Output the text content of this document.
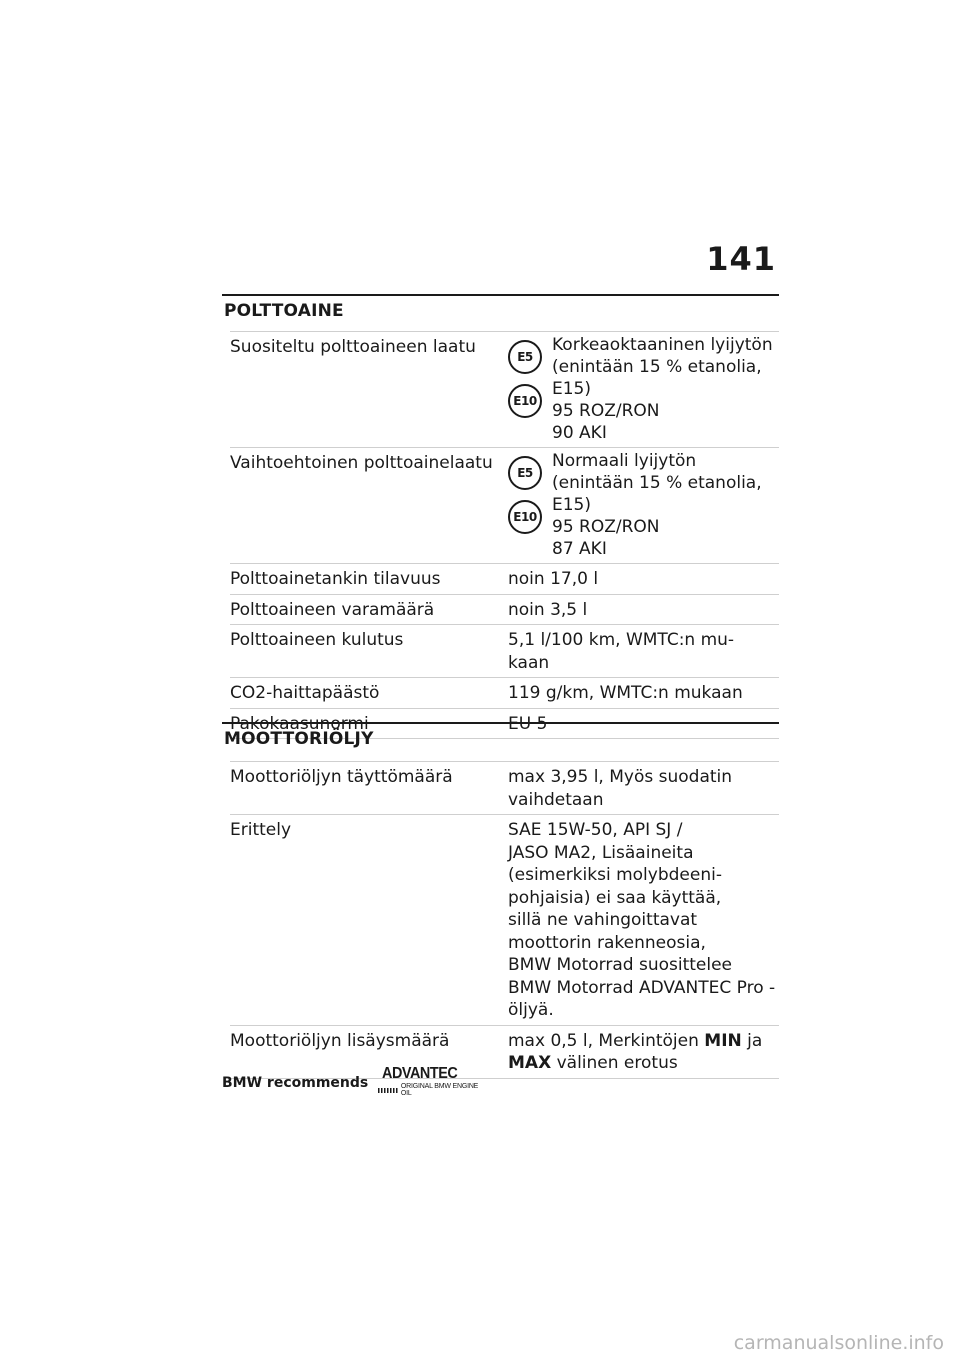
141
POLTTOAINE
Suositeltu polttoaineen laatu	E5
E10
Korkeaoktaaninen lyijytön
(enintään 15 % etanolia,
E15)
95 ROZ/RON
90 AKI
Vaihtoehtoinen polttoainelaatu	E5
E10
Normaali lyijytön
(enintään 15 % etanolia,
E15)
95 ROZ/RON
87 AKI
Polttoainetankin tilavuus	noin 17,0 l
Polttoaineen varamäärä	noin 3,5 l
Polttoaineen kulutus	5,1 l/100 km, WMTC:n mu-
kaan
CO2-haittapäästö	119 g/km, WMTC:n mukaan
Pakokaasunormi	EU 5
MOOTTORIÖLJY
Moottoriöljyn täyttömäärä	max 3,95 l, Myös suodatin
vaihdetaan
Erittely	SAE 15W-50, API SJ /
JASO MA2, Lisäaineita
(esimerkiksi molybdeeni-
pohjaisia) ei saa käyttää,
sillä ne vahingoittavat
moottorin rakenneosia,
BMW Motorrad suosittelee
BMW Motorrad ADVANTEC Pro -
öljyä.
Moottoriöljyn lisäysmäärä	max 0,5 l, Merkintöjen MIN ja
MAX välinen erotus
BMW recommends
ADVANTEC
ORIGINAL BMW ENGINE OIL
carmanualsonline.info
